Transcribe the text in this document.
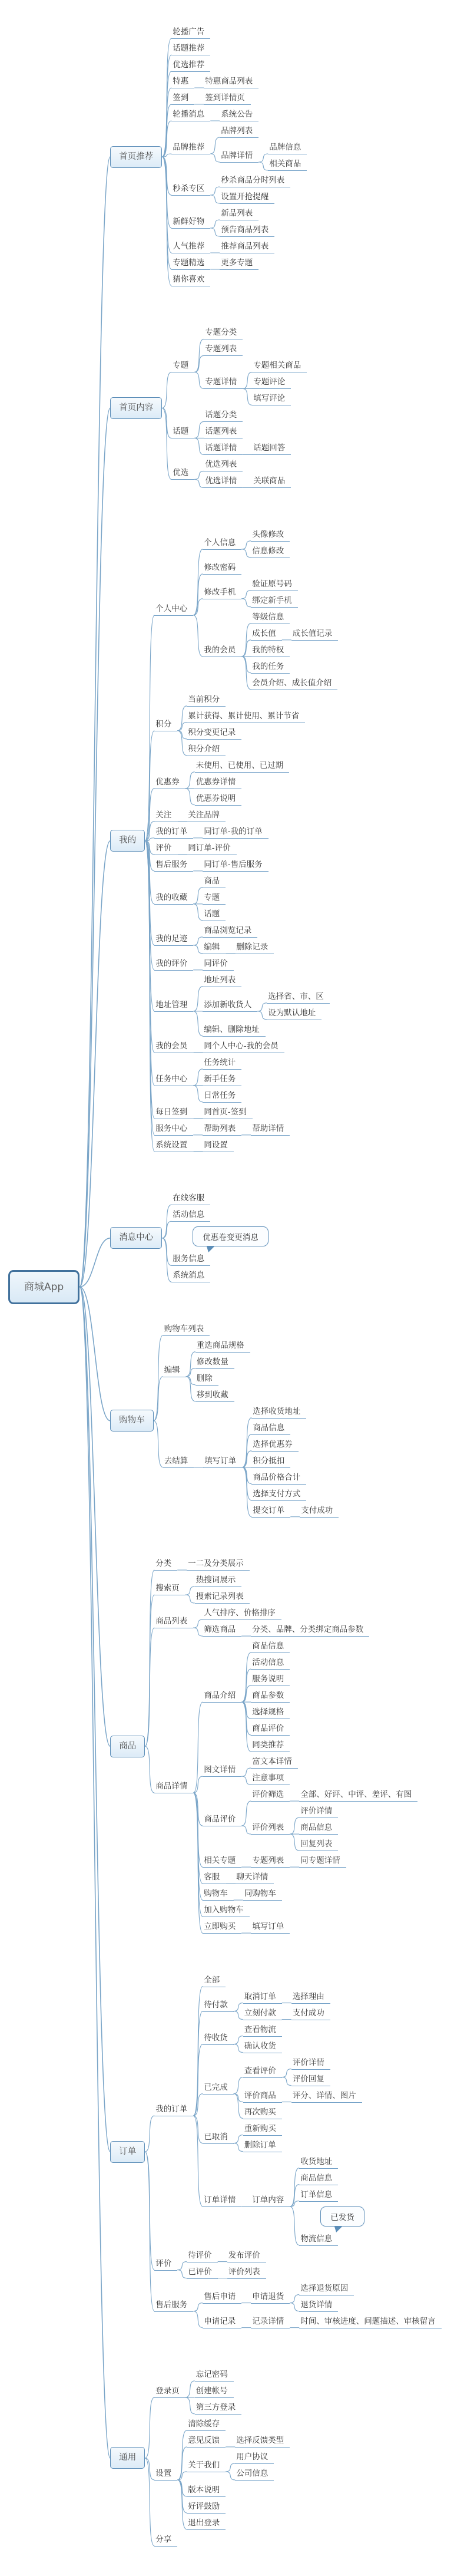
商城App
首页推荐
轮播广告
话题推荐
优选推荐
特惠	特惠商品列表
签到	签到详情页
轮播消息	系统公告
品牌推荐
品牌列表
品牌详情
品牌信息
相关商品
秒杀专区
秒杀商品分时列表
设置开抢提醒
新鲜好物
新品列表
预告商品列表
人气推荐	推荐商品列表
专题精选	更多专题
猜你喜欢
首页内容
专题
专题分类
专题列表
专题详情
专题相关商品
专题评论
填写评论
话题
话题分类
话题列表
话题详情	话题回答
优选
优选列表
优选详情	关联商品
我的
个人中心
个人信息
头像修改
信息修改
修改密码
修改手机
验证原号码
绑定新手机
我的会员
等级信息
成长值	成长值记录
我的特权
我的任务
会员介绍、成长值介绍
积分
当前积分
累计获得、累计使用、累计节省
积分变更记录
积分介绍
优惠券
未使用、已使用、已过期
优惠券详情
优惠券说明
关注	关注品牌
我的订单	同订单-我的订单
评价	同订单-评价
售后服务	同订单-售后服务
我的收藏
商品
专题
话题
我的足迹
商品浏览记录
编辑	删除记录
我的评价	同评价
地址管理
地址列表
添加新收货人
选择省、市、区
设为默认地址
编辑、删除地址
我的会员	同个人中心-我的会员
任务中心
任务统计
新手任务
日常任务
每日签到	同首页-签到
服务中心	帮助列表	帮助详情
系统设置	同设置
消息中心
在线客服
活动信息
优惠卷变更消息
服务信息
系统消息
购物车
购物车列表
编辑
重选商品规格
修改数量
删除
移到收藏
去结算	填写订单
选择收货地址
商品信息
选择优惠券
积分抵扣
商品价格合计
选择支付方式
提交订单	支付成功
商品
分类	一二及分类展示
搜索页
热搜词展示
搜索记录列表
商品列表
人气排序、价格排序
筛选商品	分类、品牌、分类绑定商品参数
商品详情
商品介绍
商品信息
活动信息
服务说明
商品参数
选择规格
商品评价
同类推荐
图文详情
富文本详情
注意事项
商品评价
评价筛选	全部、好评、中评、差评、有图
评价列表
评价详情
商品信息
回复列表
相关专题	专题列表	同专题详情
客服	聊天详情
购物车	同购物车
加入购物车
立即购买	填写订单
订单
我的订单
全部
待付款
取消订单	选择理由
立刻付款	支付成功
待收货
查看物流
确认收货
已完成
查看评价
评价详情
评价回复
评价商品	评分、详情、图片
再次购买
已取消
重新购买
删除订单
订单详情	订单内容
收货地址
商品信息
订单信息
已发货
物流信息
评价
待评价	发布评价
已评价	评价列表
售后服务
售后申请	申请退货
选择退货原因
退货详情
申请记录	记录详情	时间、审核进度、问题描述、审核留言
通用
登录页
忘记密码
创建帐号
第三方登录
设置
清除缓存
意见反馈	选择反馈类型
关于我们
用户协议
公司信息
版本说明
好评鼓励
退出登录
分享
